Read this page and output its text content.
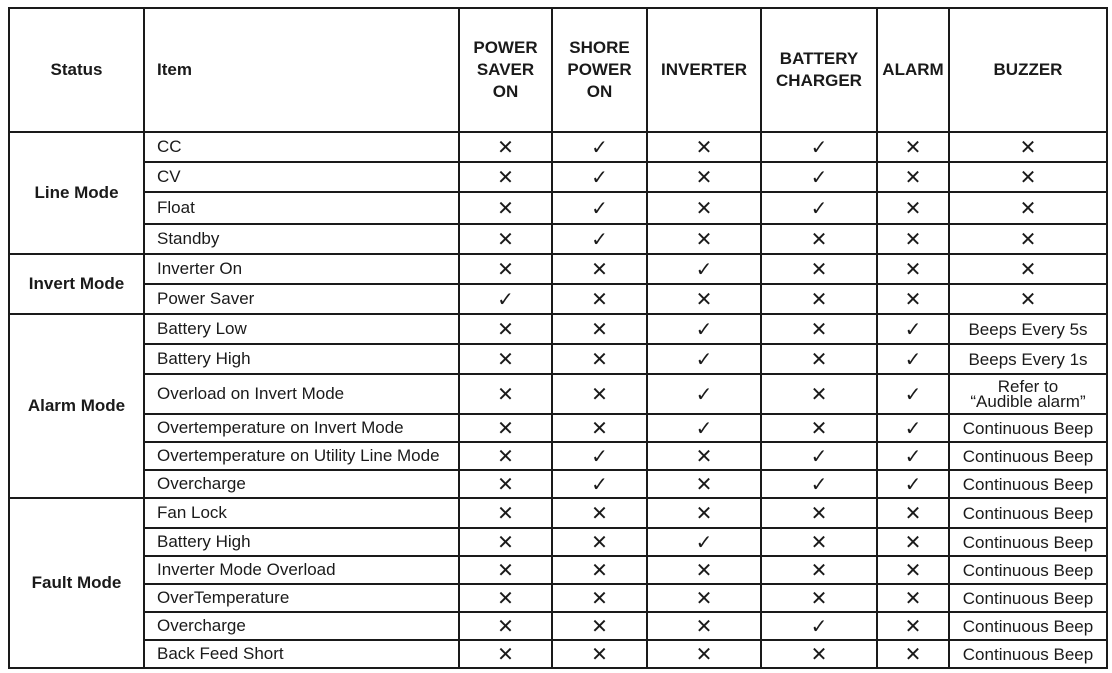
Status	Item	POWER SAVER ON	SHORE POWER ON	INVERTER	BATTERY CHARGER	ALARM	BUZZER
Line Mode	CC	✕	✓	✕	✓	✕	✕
	CV	✕	✓	✕	✓	✕	✕
	Float	✕	✓	✕	✓	✕	✕
	Standby	✕	✓	✕	✕	✕	✕
Invert Mode	Inverter On	✕	✕	✓	✕	✕	✕
	Power Saver	✓	✕	✕	✕	✕	✕
Alarm Mode	Battery Low	✕	✕	✓	✕	✓	Beeps Every 5s
	Battery High	✕	✕	✓	✕	✓	Beeps Every 1s
	Overload on Invert Mode	✕	✕	✓	✕	✓	Refer to
“Audible alarm”
	Overtemperature on Invert Mode	✕	✕	✓	✕	✓	Continuous Beep
	Overtemperature on Utility Line Mode	✕	✓	✕	✓	✓	Continuous Beep
	Overcharge	✕	✓	✕	✓	✓	Continuous Beep
Fault Mode	Fan Lock	✕	✕	✕	✕	✕	Continuous Beep
	Battery High	✕	✕	✓	✕	✕	Continuous Beep
	Inverter Mode Overload	✕	✕	✕	✕	✕	Continuous Beep
	OverTemperature	✕	✕	✕	✕	✕	Continuous Beep
	Overcharge	✕	✕	✕	✓	✕	Continuous Beep
	Back Feed Short	✕	✕	✕	✕	✕	Continuous Beep
